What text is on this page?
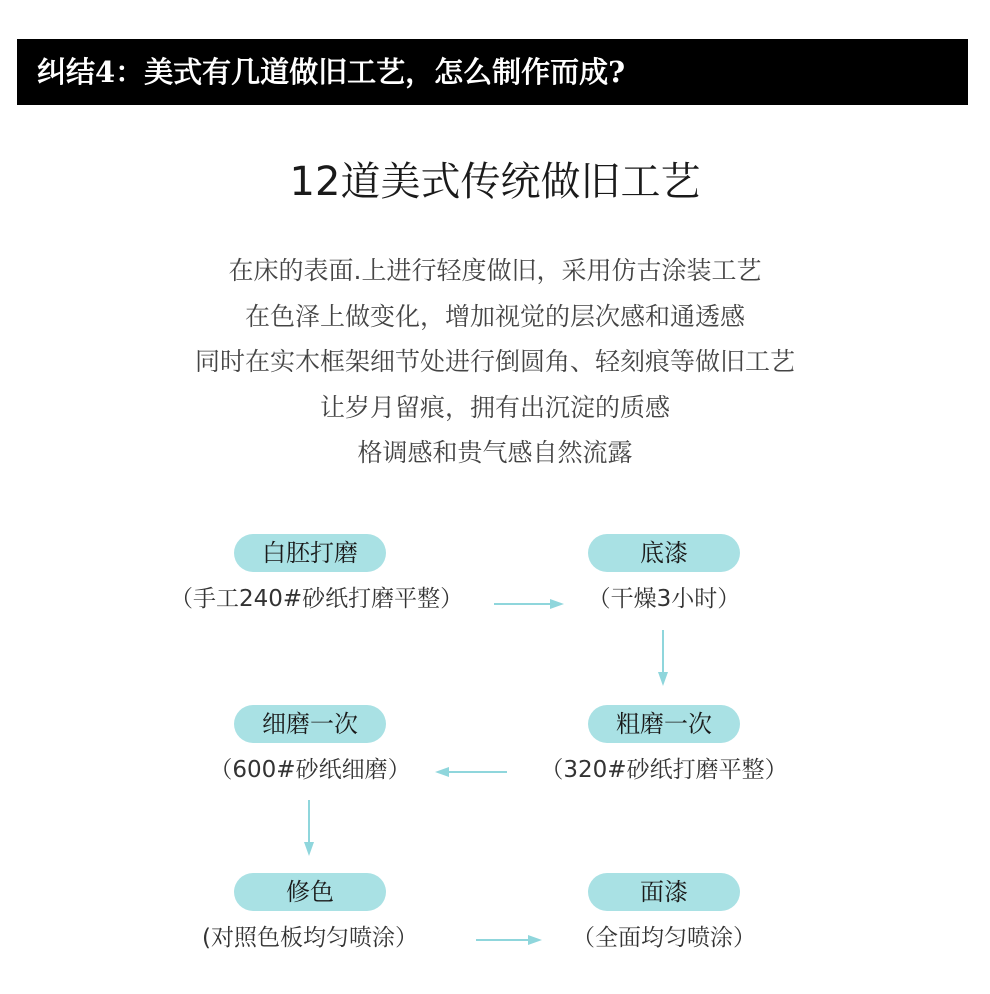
纠结4：美式有几道做旧工艺，怎么制作而成?
12道美式传统做旧工艺
在床的表面.上进行轻度做旧，采用仿古涂装工艺
在色泽上做变化，增加视觉的层次感和通透感
同时在实木框架细节处进行倒圆角、轻刻痕等做旧工艺
让岁月留痕，拥有出沉淀的质感
格调感和贵气感自然流露
白胚打磨
（手工240#砂纸打磨平整）
底漆
（干燥3小时）
粗磨一次
（320#砂纸打磨平整）
细磨一次
（600#砂纸细磨）
修色
(对照色板均匀喷涂）
面漆
（全面均匀喷涂）
